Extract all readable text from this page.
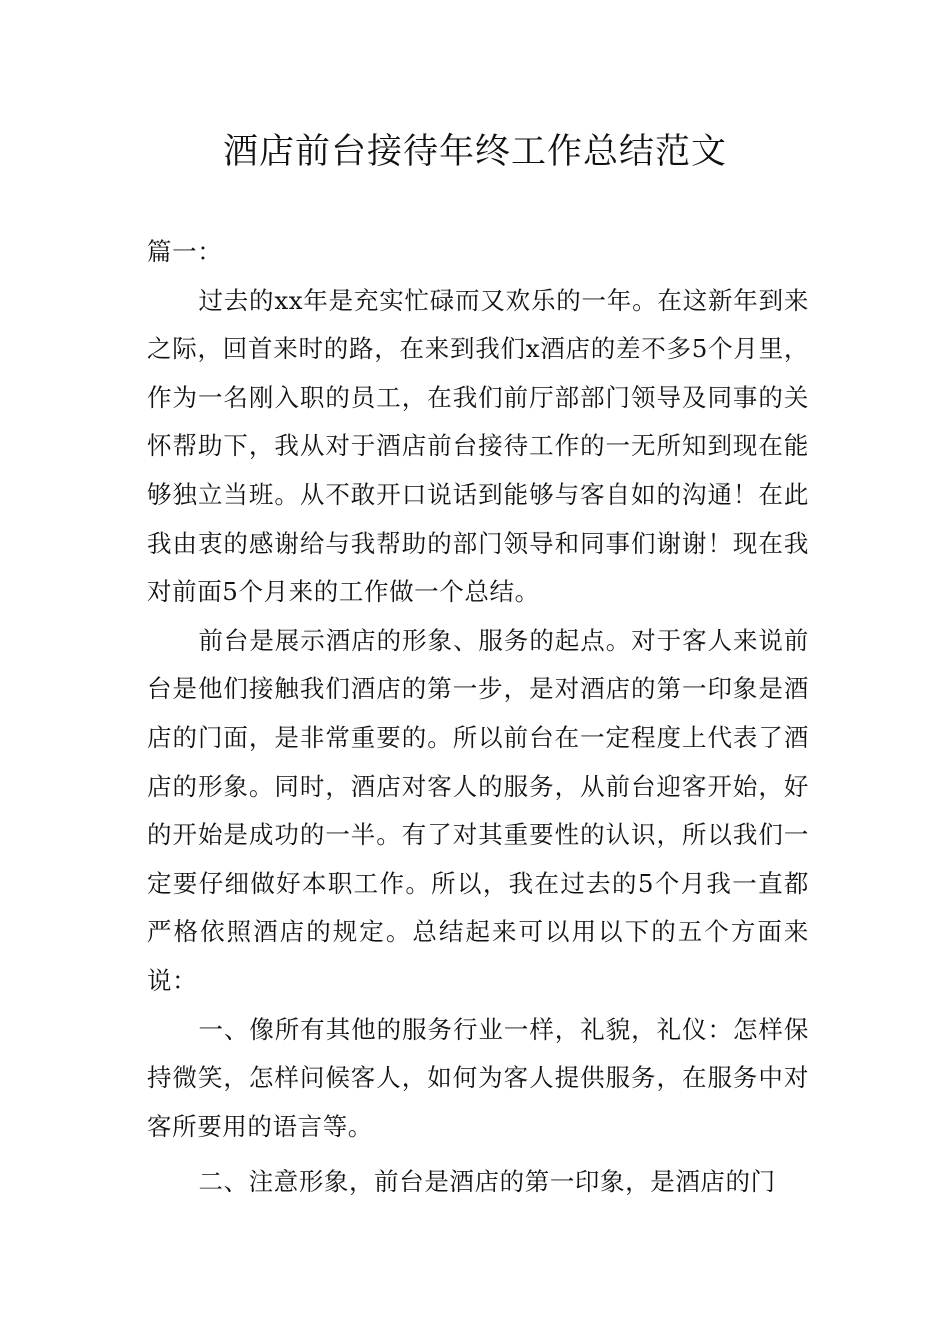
酒店前台接待年终工作总结范文

篇一：

过去的xx年是充实忙碌而又欢乐的一年。在这新年到来之际，回首来时的路，在来到我们x酒店的差不多5个月里，作为一名刚入职的员工，在我们前厅部部门领导及同事的关怀帮助下，我从对于酒店前台接待工作的一无所知到现在能够独立当班。从不敢开口说话到能够与客自如的沟通！在此我由衷的感谢给与我帮助的部门领导和同事们谢谢！现在我对前面5个月来的工作做一个总结。

前台是展示酒店的形象、服务的起点。对于客人来说前台是他们接触我们酒店的第一步，是对酒店的第一印象是酒店的门面，是非常重要的。所以前台在一定程度上代表了酒店的形象。同时，酒店对客人的服务，从前台迎客开始，好的开始是成功的一半。有了对其重要性的认识，所以我们一定要仔细做好本职工作。所以，我在过去的5个月我一直都严格依照酒店的规定。总结起来可以用以下的五个方面来说：

一、像所有其他的服务行业一样，礼貌，礼仪：怎样保持微笑，怎样问候客人，如何为客人提供服务，在服务中对客所要用的语言等。

二、注意形象，前台是酒店的第一印象，是酒店的门
